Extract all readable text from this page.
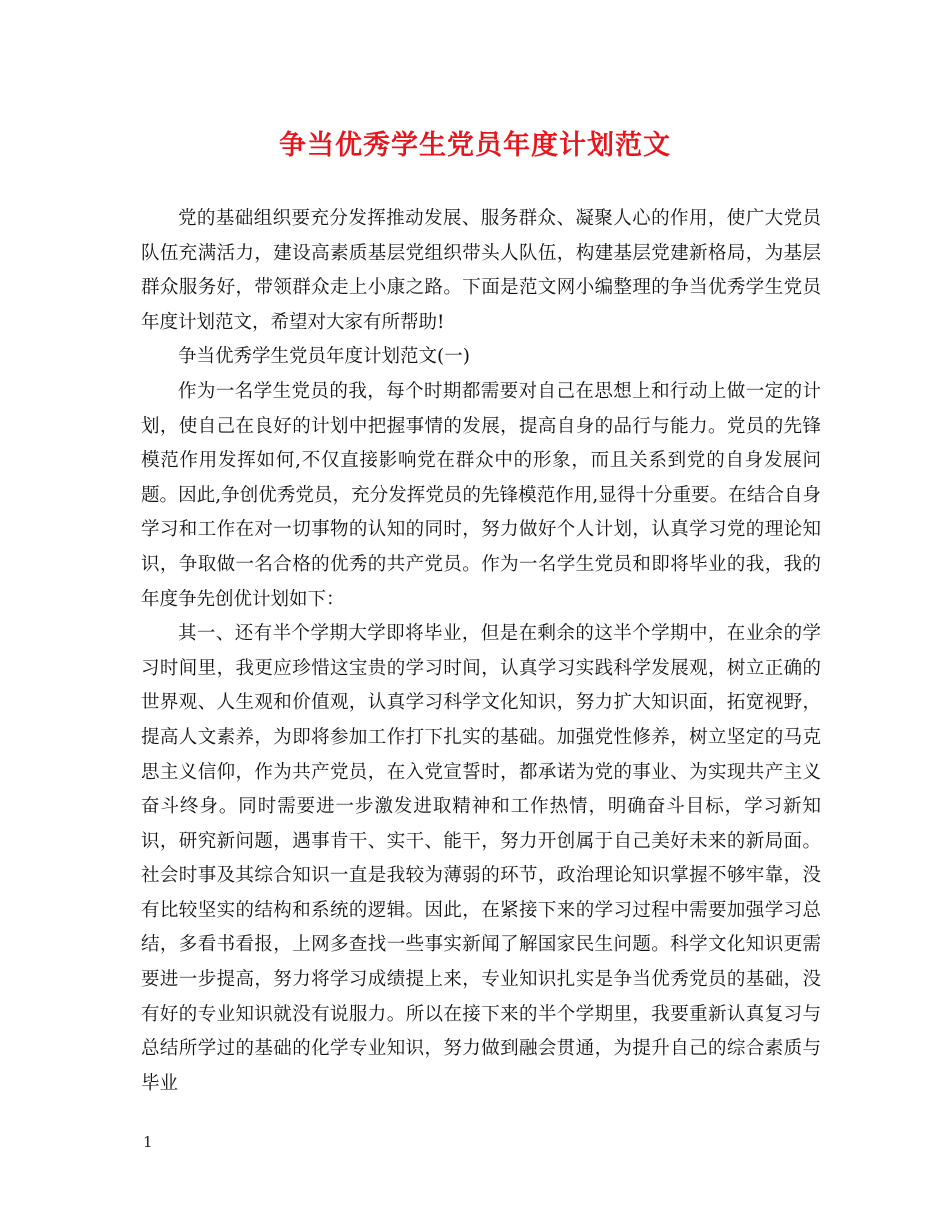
争当优秀学生党员年度计划范文

党的基础组织要充分发挥推动发展、服务群众、凝聚人心的作用，使广大党员队伍充满活力，建设高素质基层党组织带头人队伍，构建基层党建新格局，为基层群众服务好，带领群众走上小康之路。下面是范文网小编整理的争当优秀学生党员年度计划范文，希望对大家有所帮助!

争当优秀学生党员年度计划范文(一)

作为一名学生党员的我，每个时期都需要对自己在思想上和行动上做一定的计划，使自己在良好的计划中把握事情的发展，提高自身的品行与能力。党员的先锋模范作用发挥如何,不仅直接影响党在群众中的形象，而且关系到党的自身发展问题。因此,争创优秀党员，充分发挥党员的先锋模范作用,显得十分重要。在结合自身学习和工作在对一切事物的认知的同时，努力做好个人计划，认真学习党的理论知识，争取做一名合格的优秀的共产党员。作为一名学生党员和即将毕业的我，我的年度争先创优计划如下：

其一、还有半个学期大学即将毕业，但是在剩余的这半个学期中，在业余的学习时间里，我更应珍惜这宝贵的学习时间，认真学习实践科学发展观，树立正确的世界观、人生观和价值观，认真学习科学文化知识，努力扩大知识面，拓宽视野，提高人文素养，为即将参加工作打下扎实的基础。加强党性修养，树立坚定的马克思主义信仰，作为共产党员，在入党宣誓时，都承诺为党的事业、为实现共产主义奋斗终身。同时需要进一步激发进取精神和工作热情，明确奋斗目标，学习新知识，研究新问题，遇事肯干、实干、能干，努力开创属于自己美好未来的新局面。社会时事及其综合知识一直是我较为薄弱的环节，政治理论知识掌握不够牢靠，没有比较坚实的结构和系统的逻辑。因此，在紧接下来的学习过程中需要加强学习总结，多看书看报，上网多查找一些事实新闻了解国家民生问题。科学文化知识更需要进一步提高，努力将学习成绩提上来，专业知识扎实是争当优秀党员的基础，没有好的专业知识就没有说服力。所以在接下来的半个学期里，我要重新认真复习与总结所学过的基础的化学专业知识，努力做到融会贯通，为提升自己的综合素质与毕业

1
